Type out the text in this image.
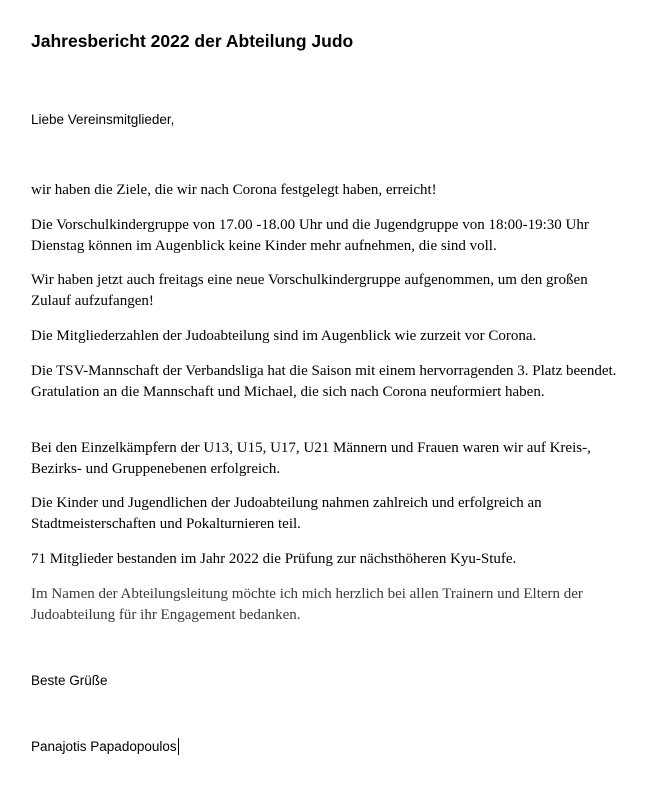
Jahresbericht 2022 der Abteilung Judo

Liebe Vereinsmitglieder,

wir haben die Ziele, die wir nach Corona festgelegt haben, erreicht!

Die Vorschulkindergruppe von 17.00 -18.00 Uhr und die Jugendgruppe von 18:00-19:30 Uhr Dienstag können im Augenblick keine Kinder mehr aufnehmen, die sind voll.

Wir haben jetzt auch freitags eine neue Vorschulkindergruppe aufgenommen, um den großen Zulauf aufzufangen!

Die Mitgliederzahlen der Judoabteilung sind im Augenblick wie zurzeit vor Corona.

Die TSV-Mannschaft der Verbandsliga hat die Saison mit einem hervorragenden 3. Platz beendet. Gratulation an die Mannschaft und Michael, die sich nach Corona neuformiert haben.

Bei den Einzelkämpfern der U13, U15, U17, U21 Männern und Frauen waren wir auf Kreis-, Bezirks- und Gruppenebenen erfolgreich.

Die Kinder und Jugendlichen der Judoabteilung nahmen zahlreich und erfolgreich an Stadtmeisterschaften und Pokalturnieren teil.

71 Mitglieder bestanden im Jahr 2022 die Prüfung zur nächsthöheren Kyu-Stufe.

Im Namen der Abteilungsleitung möchte ich mich herzlich bei allen Trainern und Eltern der Judoabteilung für ihr Engagement bedanken.

Beste Grüße

Panajotis Papadopoulos
